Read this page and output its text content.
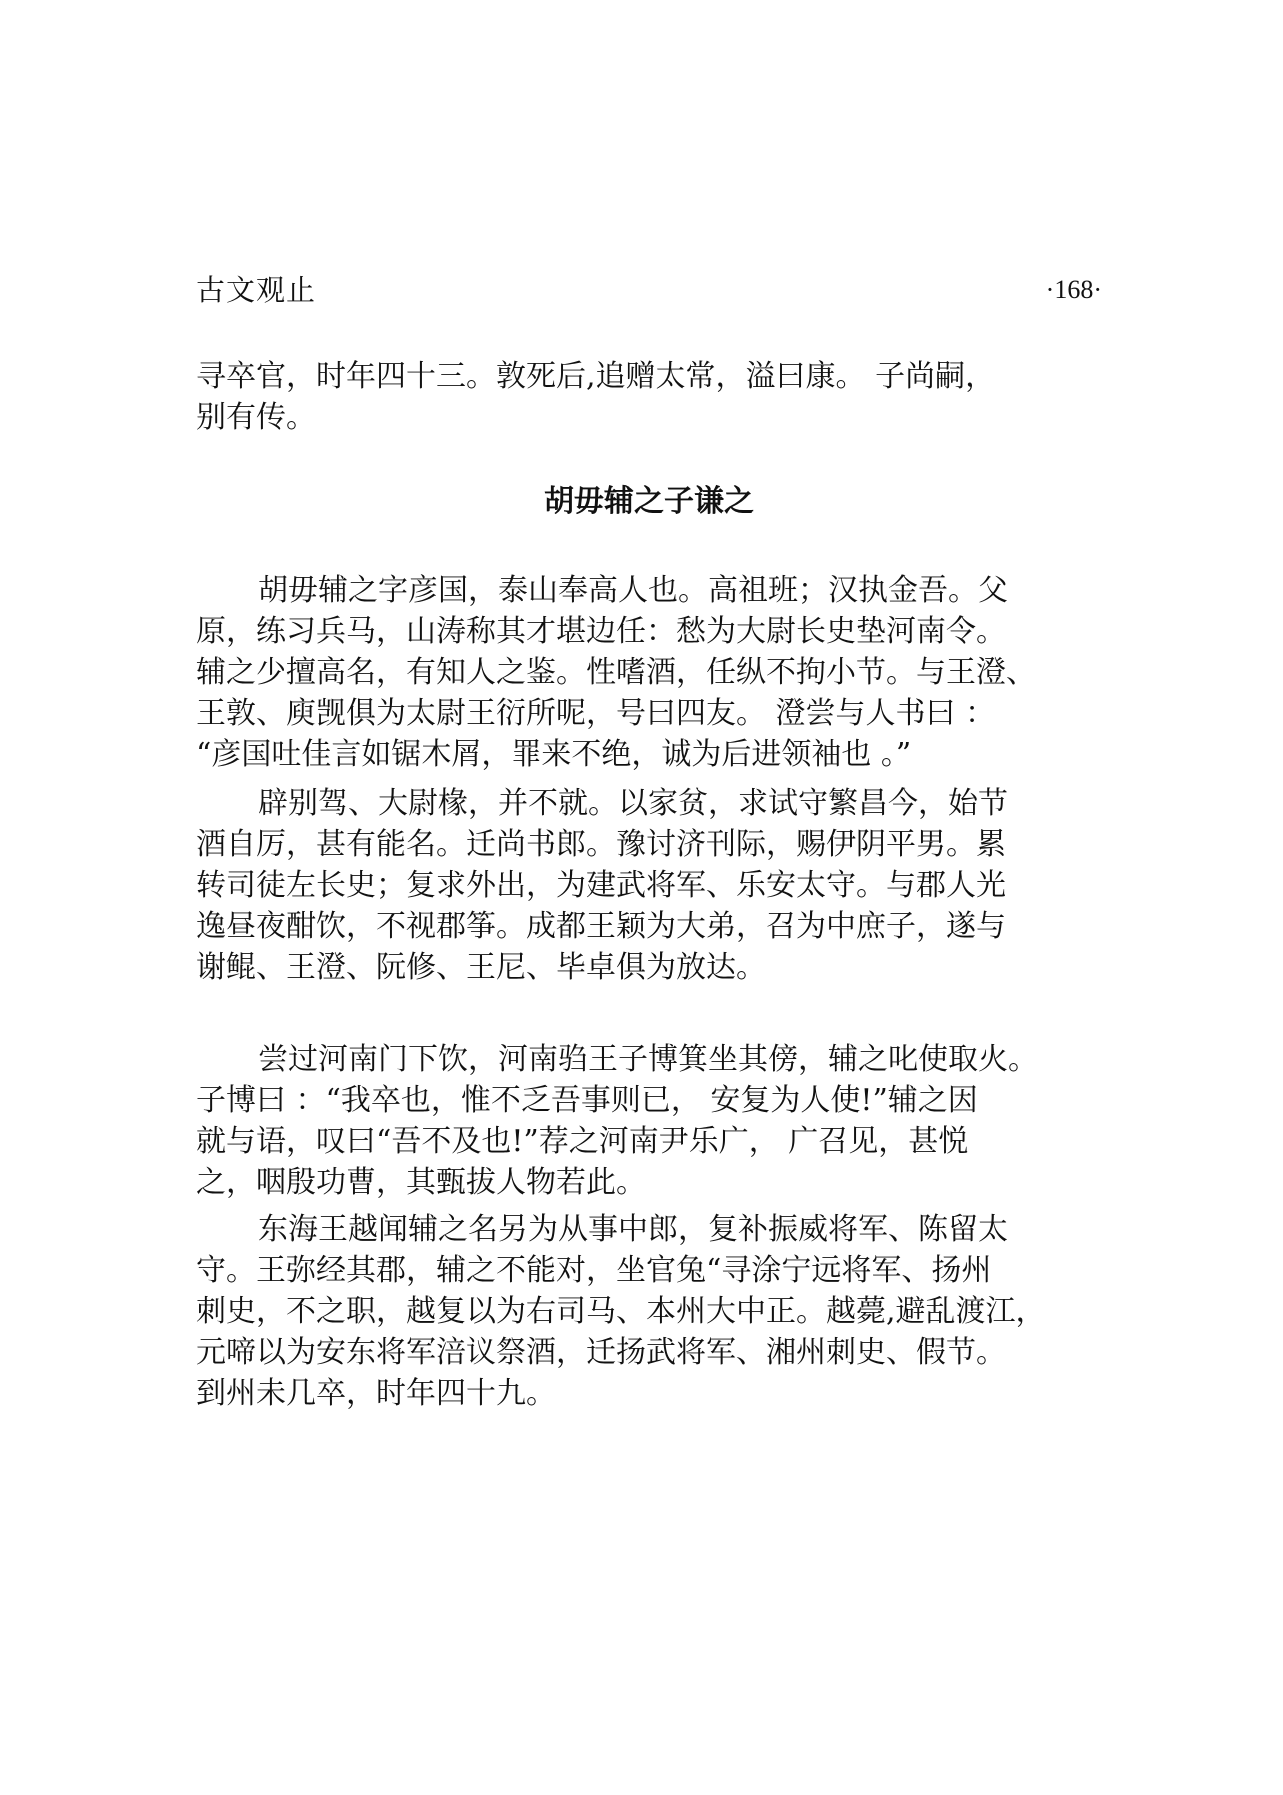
古文观止	·168·

寻卒官，时年四十三。敦死后,追赠太常，溢曰康。 子尚嗣，
别有传。

胡毋辅之子谦之

胡毋辅之字彦国，泰山奉高人也。高祖班；汉执金吾。父
原，练习兵马，山涛称其才堪边任：愁为大尉长史垫河南令。
辅之少擅高名，有知人之鉴。性嗜酒，任纵不拘小节。与王澄、
王敦、庾觊俱为太尉王衍所呢，号曰四友。 澄尝与人书曰 ：
“彦国吐佳言如锯木屑，罪来不绝，诚为后进领袖也 。”

辟别驾、大尉椽，并不就。以家贫，求试守繁昌今，始节
酒自厉，甚有能名。迁尚书郎。豫讨济刊际，赐伊阴平男。累
转司徒左长史；复求外出，为建武将军、乐安太守。与郡人光
逸昼夜酣饮，不视郡筝。成都王颖为大弟，召为中庶子，遂与
谢鲲、王澄、阮修、王尼、毕卓俱为放达。

尝过河南门下饮，河南驺王子博箕坐其傍，辅之叱使取火。
子博曰 ：“我卒也，惟不乏吾事则已， 安复为人使!”辅之因
就与语，叹曰“吾不及也!”荐之河南尹乐广， 广召见，甚悦
之，咽殷功曹，其甄拔人物若此。

东海王越闻辅之名另为从事中郎，复补振威将军、陈留太
守。王弥经其郡，辅之不能对，坐官兔“寻涂宁远将军、扬州
刺史，不之职，越复以为右司马、本州大中正。越薨,避乱渡江，
元啼以为安东将军涪议祭酒，迁扬武将军、湘州刺史、假节。
到州未几卒，时年四十九。
